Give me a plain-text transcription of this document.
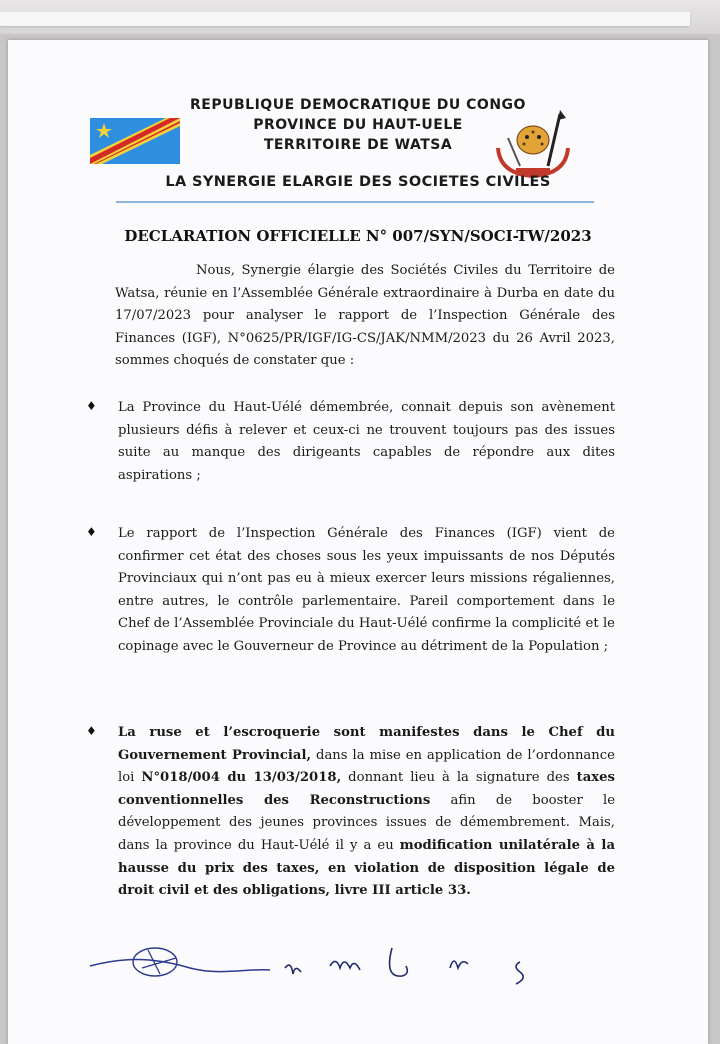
REPUBLIQUE DEMOCRATIQUE DU CONGO
PROVINCE DU HAUT-UELE
TERRITOIRE DE WATSA
LA SYNERGIE ELARGIE DES SOCIETES CIVILES
DECLARATION OFFICIELLE N° 007/SYN/SOCI-TW/2023
Nous, Synergie élargie des Sociétés Civiles du Territoire de Watsa, réunie en l’Assemblée Générale extraordinaire à Durba en date du 17/07/2023 pour analyser le rapport de l’Inspection Générale des Finances (IGF), N°0625/PR/IGF/IG-CS/JAK/NMM/2023 du 26 Avril 2023, sommes choqués de constater que :
♦ La Province du Haut-Uélé démembrée, connait depuis son avènement plusieurs défis à relever et ceux-ci ne trouvent toujours pas des issues suite au manque des dirigeants capables de répondre aux dites aspirations ;
♦ Le rapport de l’Inspection Générale des Finances (IGF) vient de confirmer cet état des choses sous les yeux impuissants de nos Députés Provinciaux qui n’ont pas eu à mieux exercer leurs missions régaliennes, entre autres, le contrôle parlementaire. Pareil comportement dans le Chef de l’Assemblée Provinciale du Haut-Uélé confirme la complicité et le copinage avec le Gouverneur de Province au détriment de la Population ;
♦ La ruse et l’escroquerie sont manifestes dans le Chef du Gouvernement Provincial, dans la mise en application de l’ordonnance loi N°018/004 du 13/03/2018, donnant lieu à la signature des taxes conventionnelles des Reconstructions afin de booster le développement des jeunes provinces issues de démembrement. Mais, dans la province du Haut-Uélé il y a eu modification unilatérale à la hausse du prix des taxes, en violation de disposition légale de droit civil et des obligations, livre III article 33.
